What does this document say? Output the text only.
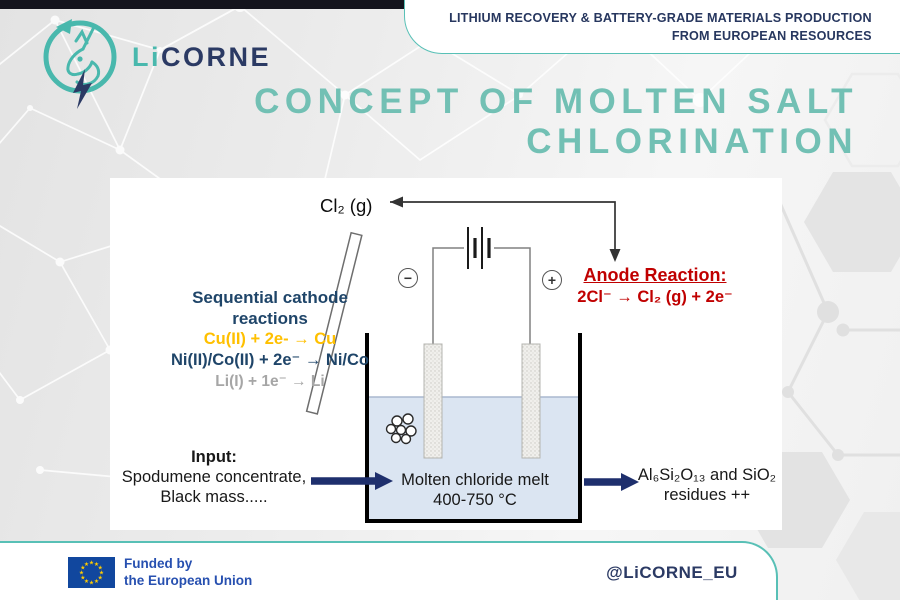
LITHIUM RECOVERY & BATTERY-GRADE MATERIALS PRODUCTION
FROM EUROPEAN RESOURCES
LiCORNE
CONCEPT OF MOLTEN SALT
CHLORINATION
Cl₂ (g)
−	+
Sequential cathode
reactions
Cu(II) + 2e- → Cu
Ni(II)/Co(II) + 2e⁻ → Ni/Co
Li(I) + 1e⁻ → Li
Anode Reaction:
2Cl⁻ → Cl₂ (g) + 2e⁻
Molten chloride melt
400-750 °C
Input:
Spodumene concentrate,
Black mass.....
Al₆Si₂O₁₃ and SiO₂
residues ++
★ ★
★
★
★
★
★
★
★
★
★
★	Funded by
the European Union	@LiCORNE_EU
